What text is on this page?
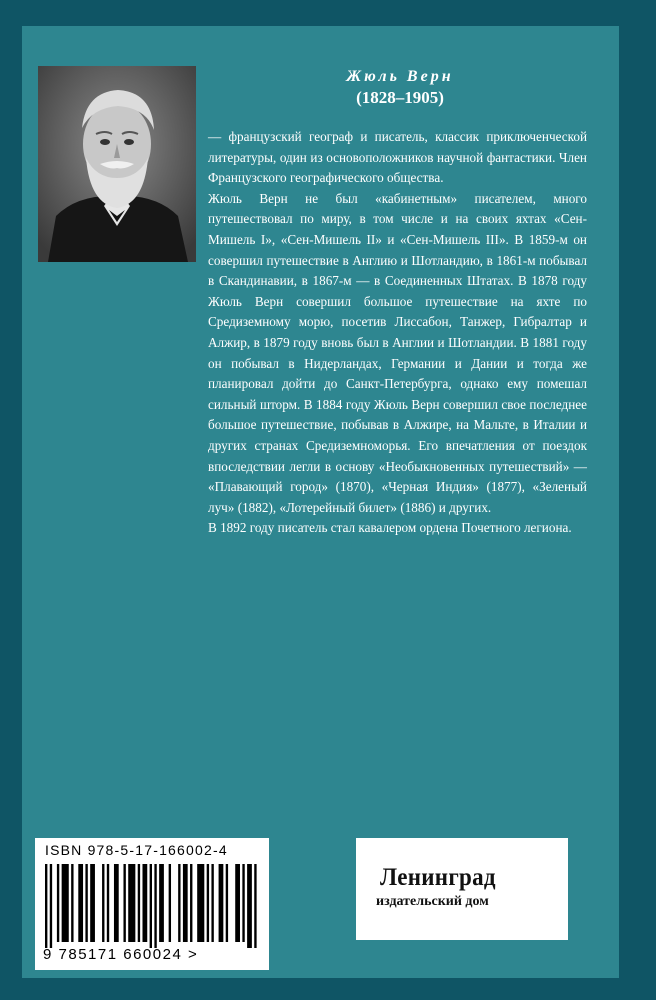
Жюль Верн
(1828–1905)

— французский географ и писатель, классик приключенческой литературы, один из основоположников научной фантастики. Член Французского географического общества.

Жюль Верн не был «кабинетным» писателем, много путешествовал по миру, в том числе и на своих яхтах «Сен-Мишель I», «Сен-Мишель II» и «Сен-Мишель III». В 1859-м он совершил путешествие в Англию и Шотландию, в 1861-м побывал в Скандинавии, в 1867-м — в Соединенных Штатах. В 1878 году Жюль Верн совершил большое путешествие на яхте по Средиземному морю, посетив Лиссабон, Танжер, Гибралтар и Алжир, в 1879 году вновь был в Англии и Шотландии. В 1881 году он побывал в Нидерландах, Германии и Дании и тогда же планировал дойти до Санкт-Петербурга, однако ему помешал сильный шторм. В 1884 году Жюль Верн совершил свое последнее большое путешествие, побывав в Алжире, на Мальте, в Италии и других странах Средиземноморья. Его впечатления от поездок впоследствии легли в основу «Необыкновенных путешествий» — «Плавающий город» (1870), «Черная Индия» (1877), «Зеленый луч» (1882), «Лотерейный билет» (1886) и других.

В 1892 году писатель стал кавалером ордена Почетного легиона.

ISBN 978-5-17-166002-4
9 785171 660024 >
Ленинград
издательский дом
